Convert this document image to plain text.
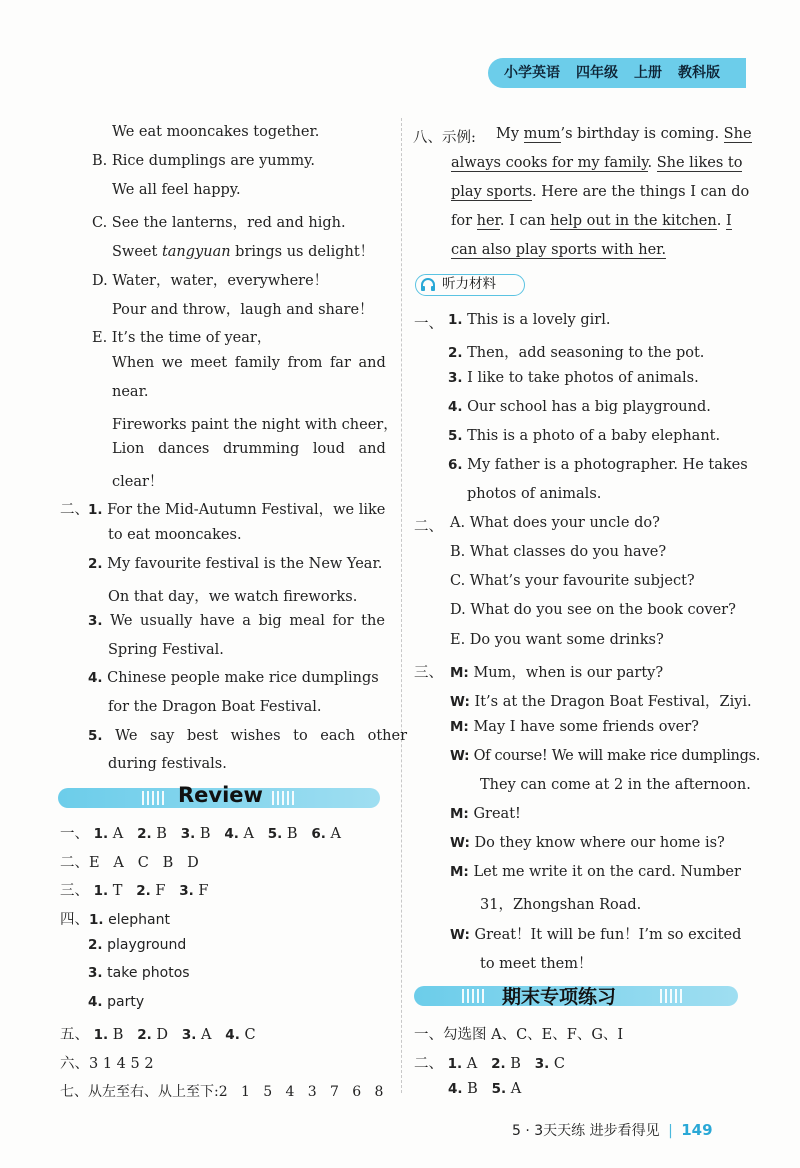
小学英语 四年级 上册 教科版
We eat mooncakes together.
B. Rice dumplings are yummy.
We all feel happy.
C. See the lanterns，red and high.
Sweet tangyuan brings us delight！
D. Water，water，everywhere！
Pour and throw，laugh and share！
E. It’s the time of year，
When we meet family from far and
near.
Fireworks paint the night with cheer，
Lion dances drumming loud and
clear！
二、 1. For the Mid-Autumn Festival，we like
to eat mooncakes.
2. My favourite festival is the New Year.
On that day，we watch fireworks.
3. We usually have a big meal for the
Spring Festival.
4. Chinese people make rice dumplings
for the Dragon Boat Festival.
5. We say best wishes to each other
during festivals.
Review
一、 1. A 2. B 3. B 4. A 5. B 6. A
二、E   A   C   B   D
三、 1. T 2. F 3. F
四、1. elephant
2. playground
3. take photos
4. party
五、 1. B 2. D 3. A 4. C
六、3 1 4 5 2
七、从左至右、从上至下:2   1   5   4   3   7   6   8
八、示例: My mum’s birthday is coming. She
always cooks for my family. She likes to
play sports. Here are the things I can do
for her. I can help out in the kitchen. I
can also play sports with her.
听力材料
一、 1. This is a lovely girl.
2. Then，add seasoning to the pot.
3. I like to take photos of animals.
4. Our school has a big playground.
5. This is a photo of a baby elephant.
6. My father is a photographer. He takes
photos of animals.
二、 A. What does your uncle do?
B. What classes do you have?
C. What’s your favourite subject?
D. What do you see on the book cover?
E. Do you want some drinks?
三、 M: Mum，when is our party?
W: It’s at the Dragon Boat Festival，Ziyi.
M: May I have some friends over?
W: Of course! We will make rice dumplings.
They can come at 2 in the afternoon.
M: Great!
W: Do they know where our home is?
M: Let me write it on the card. Number
31，Zhongshan Road.
W: Great！It will be fun！I’m so excited
to meet them！
期末专项练习
一、勾选图 A、C、E、F、G、I
二、 1. A 2. B 3. C
4. B 5. A
5 · 3天天练 进步看得见 | 149
